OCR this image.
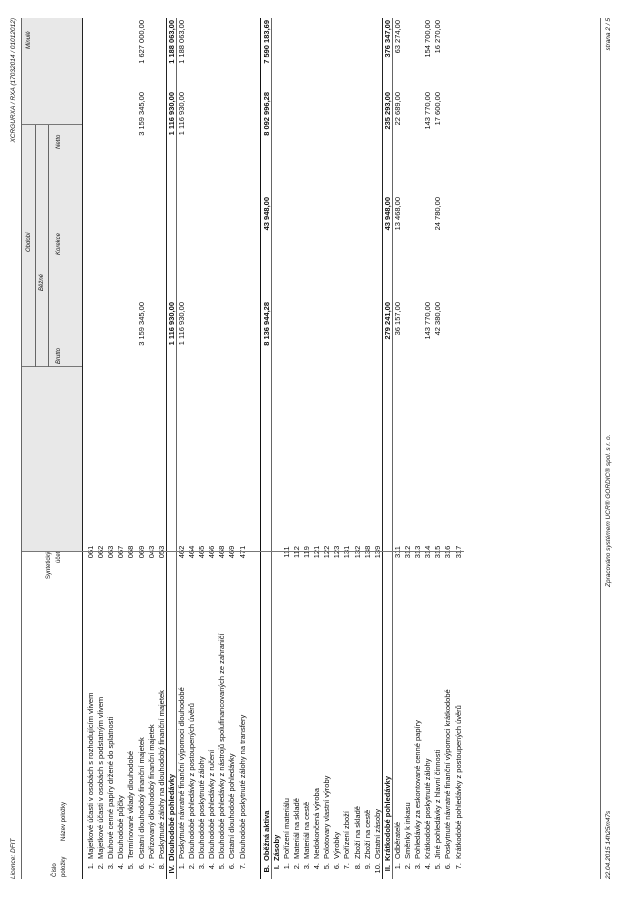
Licence: DFIT
XCRGURXA / RXA (17032014 / 01012012)
Číslo položky
Název položky
Syntetický účet
Období
Běžné
Brutto
Korekce
Netto
Minulé
1.Majetkové účasti v osobách s rozhodujícím vlivem
061
2.Majetkové účasti v osobách s podstatným vlivem
062
3.Dluhové cenné papíry držené do splatnosti
063
4.Dlouhodobé půjčky
067
5.Termínované vklady dlouhodobé
068
6.Ostatní dlouhodobý finanční majetek
069
3 159 345,00
3 159 345,00
1 627 000,00
7.Pořizovaný dlouhodobý finanční majetek
043
8.Poskytnuté zálohy na dlouhodobý finanční majetek
053
IV.Dlouhodobé pohledávky
1 116 930,00
1 116 930,00
1 188 063,00
1.Poskytnuté návratné finanční výpomoci dlouhodobé
462
1 116 930,00
1 116 930,00
1 188 063,00
2.Dlouhodobé pohledávky z postoupených úvěrů
464
3.Dlouhodobé poskytnuté zálohy
465
4.Dlouhodobé pohledávky z ručení
466
5.Dlouhodobé pohledávky z nástrojů spolufinancovaných ze zahraničí
468
6.Ostatní dlouhodobé pohledávky
469
7.Dlouhodobé poskytnuté zálohy na transfery
471
B.Oběžná aktiva
8 136 944,28
43 948,00
8 092 996,28
7 590 183,69
I.Zásoby
1.Pořízení materiálu
111
2.Materiál na skladě
112
3.Materiál na cestě
119
4.Nedokončená výroba
121
5.Polotovary vlastní výroby
122
6.Výrobky
123
7.Pořízení zboží
131
8.Zboží na skladě
132
9.Zboží na cestě
138
10.Ostatní zásoby
139
II.Krátkodobé pohledávky
279 241,00
43 948,00
235 293,00
376 347,00
1.Odběratelé
311
36 157,00
13 468,00
22 689,00
63 274,00
2.Směnky k inkasu
312
3.Pohledávky za eskontované cenné papíry
313
4.Krátkodobé poskytnuté zálohy
314
143 770,00
143 770,00
154 700,00
5.Jiné pohledávky z hlavní činnosti
315
42 380,00
24 780,00
17 600,00
16 270,00
6.Poskytnuté návratné finanční výpomoci krátkodobé
316
7.Krátkodobé pohledávky z postoupených úvěrů
317
22.04.2015 14h25m47s
Zpracováno systémem UCR® GORDIC® spol. s r. o.
strana 2 / 5
